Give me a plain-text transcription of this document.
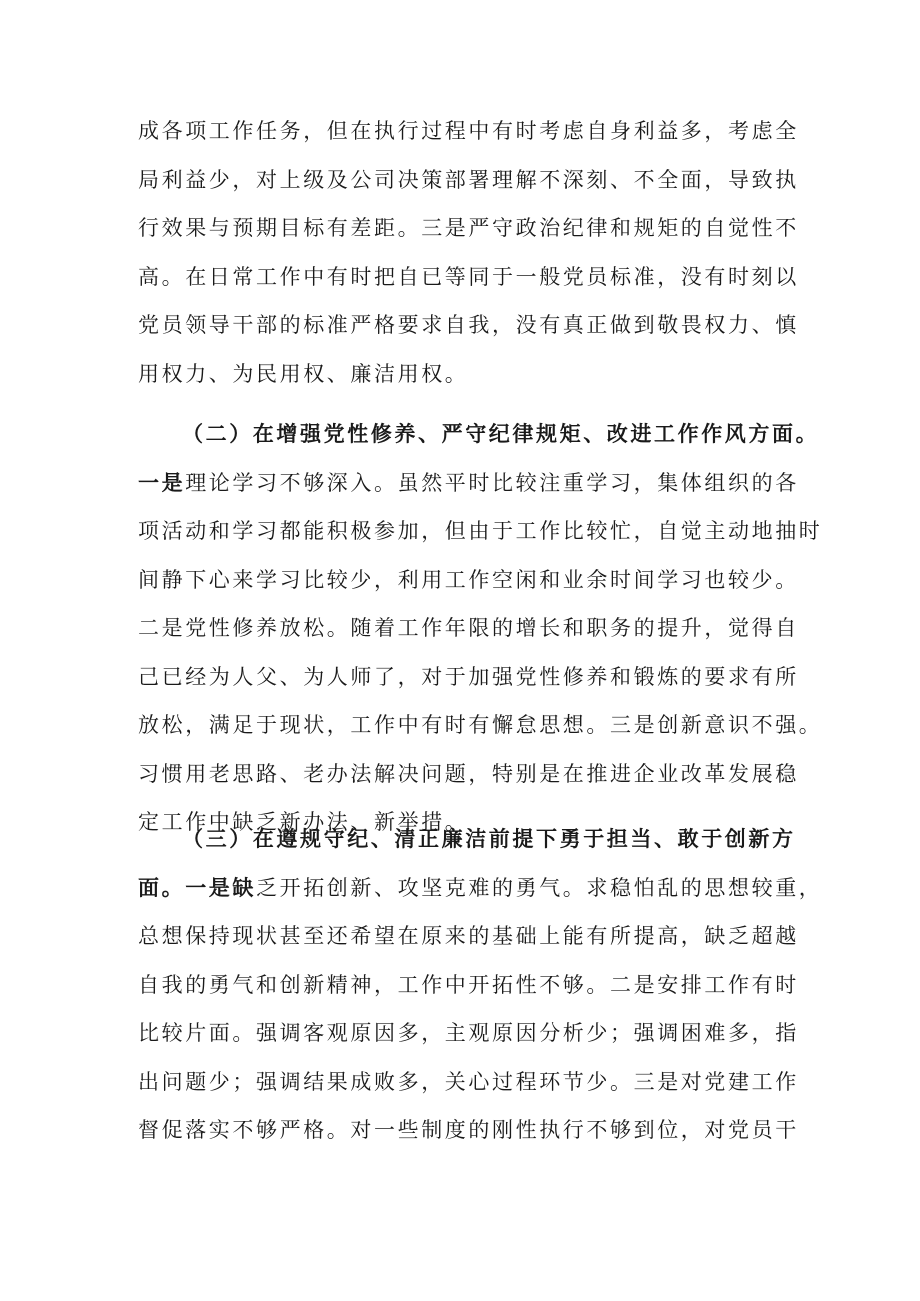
成各项工作任务，但在执行过程中有时考虑自身利益多，考虑全
局利益少，对上级及公司决策部署理解不深刻、不全面，导致执
行效果与预期目标有差距。三是严守政治纪律和规矩的自觉性不
高。在日常工作中有时把自已等同于一般党员标准，没有时刻以
党员领导干部的标准严格要求自我，没有真正做到敬畏权力、慎
用权力、为民用权、廉洁用权。
（二）在增强党性修养、严守纪律规矩、改进工作作风方面。
一是理论学习不够深入。虽然平时比较注重学习，集体组织的各
项活动和学习都能积极参加，但由于工作比较忙，自觉主动地抽时
间静下心来学习比较少，利用工作空闲和业余时间学习也较少。
二是党性修养放松。随着工作年限的增长和职务的提升，觉得自
己已经为人父、为人师了，对于加强党性修养和锻炼的要求有所
放松，满足于现状，工作中有时有懈怠思想。三是创新意识不强。
习惯用老思路、老办法解决问题，特别是在推进企业改革发展稳
定工作中缺乏新办法、新举措。
（三）在遵规守纪、清正廉洁前提下勇于担当、敢于创新方
面。一是缺乏开拓创新、攻坚克难的勇气。求稳怕乱的思想较重，
总想保持现状甚至还希望在原来的基础上能有所提高，缺乏超越
自我的勇气和创新精神，工作中开拓性不够。二是安排工作有时
比较片面。强调客观原因多，主观原因分析少；强调困难多，指
出问题少；强调结果成败多，关心过程环节少。三是对党建工作
督促落实不够严格。对一些制度的刚性执行不够到位，对党员干
